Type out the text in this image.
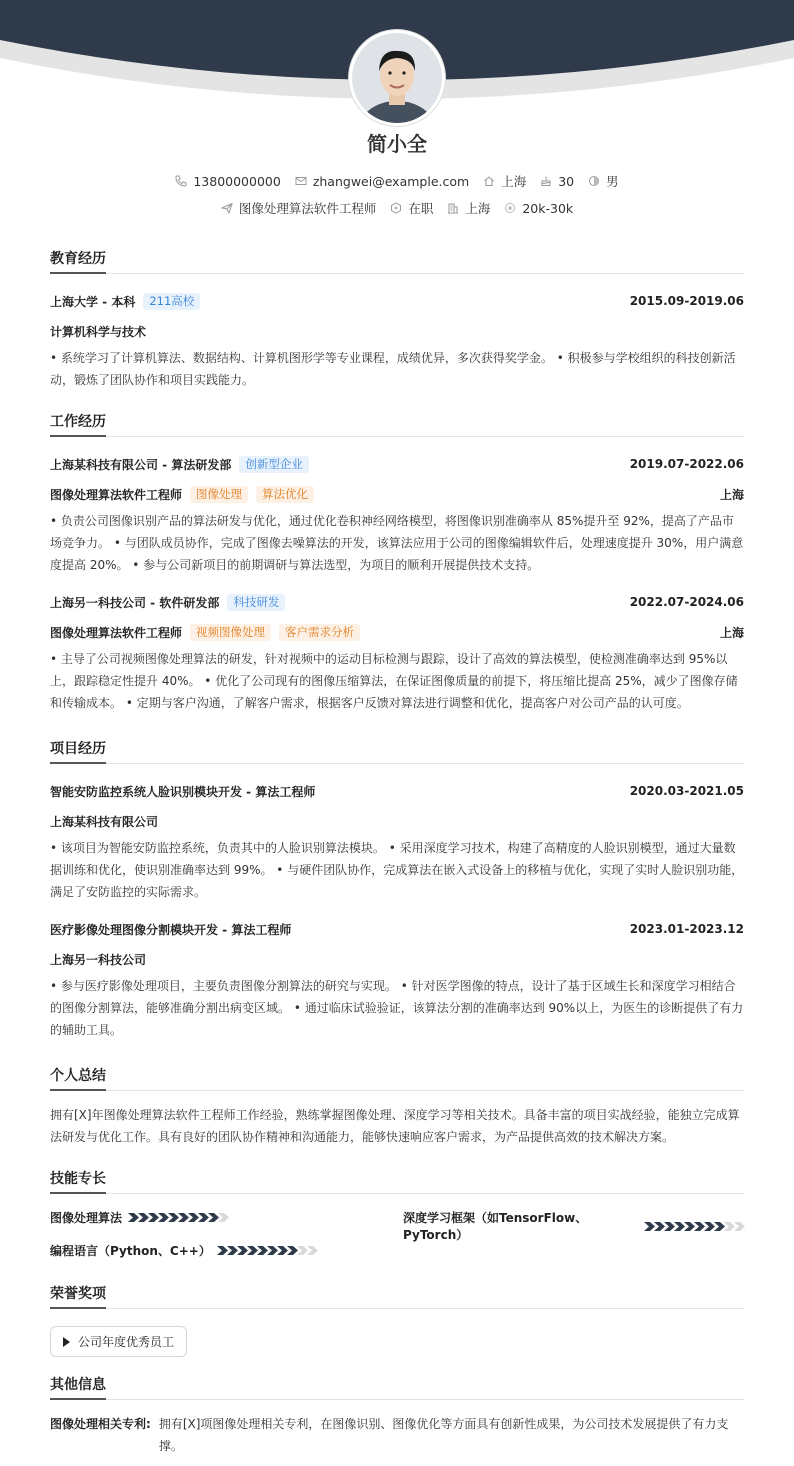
简小全
13800000000	zhangwei@example.com	上海	30	男
图像处理算法软件工程师	在职	上海	20k-30k
教育经历
上海大学 - 本科	211高校	2015.09-2019.06
计算机科学与技术
• 系统学习了计算机算法、数据结构、计算机图形学等专业课程，成绩优异，多次获得奖学金。 • 积极参与学校组织的科技创新活动，锻炼了团队协作和项目实践能力。
工作经历
上海某科技有限公司 - 算法研发部	创新型企业	2019.07-2022.06
图像处理算法软件工程师	图像处理	算法优化	上海
• 负责公司图像识别产品的算法研发与优化，通过优化卷积神经网络模型，将图像识别准确率从 85%提升至 92%，提高了产品市场竞争力。 • 与团队成员协作，完成了图像去噪算法的开发，该算法应用于公司的图像编辑软件后，处理速度提升 30%，用户满意度提高 20%。 • 参与公司新项目的前期调研与算法选型，为项目的顺利开展提供技术支持。
上海另一科技公司 - 软件研发部	科技研发	2022.07-2024.06
图像处理算法软件工程师	视频图像处理	客户需求分析	上海
• 主导了公司视频图像处理算法的研发，针对视频中的运动目标检测与跟踪，设计了高效的算法模型，使检测准确率达到 95%以上，跟踪稳定性提升 40%。 • 优化了公司现有的图像压缩算法，在保证图像质量的前提下，将压缩比提高 25%，减少了图像存储和传输成本。 • 定期与客户沟通，了解客户需求，根据客户反馈对算法进行调整和优化，提高客户对公司产品的认可度。
项目经历
智能安防监控系统人脸识别模块开发 - 算法工程师	2020.03-2021.05
上海某科技有限公司
• 该项目为智能安防监控系统，负责其中的人脸识别算法模块。 • 采用深度学习技术，构建了高精度的人脸识别模型，通过大量数据训练和优化，使识别准确率达到 99%。 • 与硬件团队协作，完成算法在嵌入式设备上的移植与优化，实现了实时人脸识别功能，满足了安防监控的实际需求。
医疗影像处理图像分割模块开发 - 算法工程师	2023.01-2023.12
上海另一科技公司
• 参与医疗影像处理项目，主要负责图像分割算法的研究与实现。 • 针对医学图像的特点，设计了基于区域生长和深度学习相结合的图像分割算法，能够准确分割出病变区域。 • 通过临床试验验证，该算法分割的准确率达到 90%以上，为医生的诊断提供了有力的辅助工具。
个人总结
拥有[X]年图像处理算法软件工程师工作经验，熟练掌握图像处理、深度学习等相关技术。具备丰富的项目实战经验，能独立完成算法研发与优化工作。具有良好的团队协作精神和沟通能力，能够快速响应客户需求，为产品提供高效的技术解决方案。
技能专长
图像处理算法	深度学习框架（如TensorFlow、PyTorch）
编程语言（Python、C++）
荣誉奖项
公司年度优秀员工
其他信息
图像处理相关专利: 拥有[X]项图像处理相关专利，在图像识别、图像优化等方面具有创新性成果，为公司技术发展提供了有力支撑。
